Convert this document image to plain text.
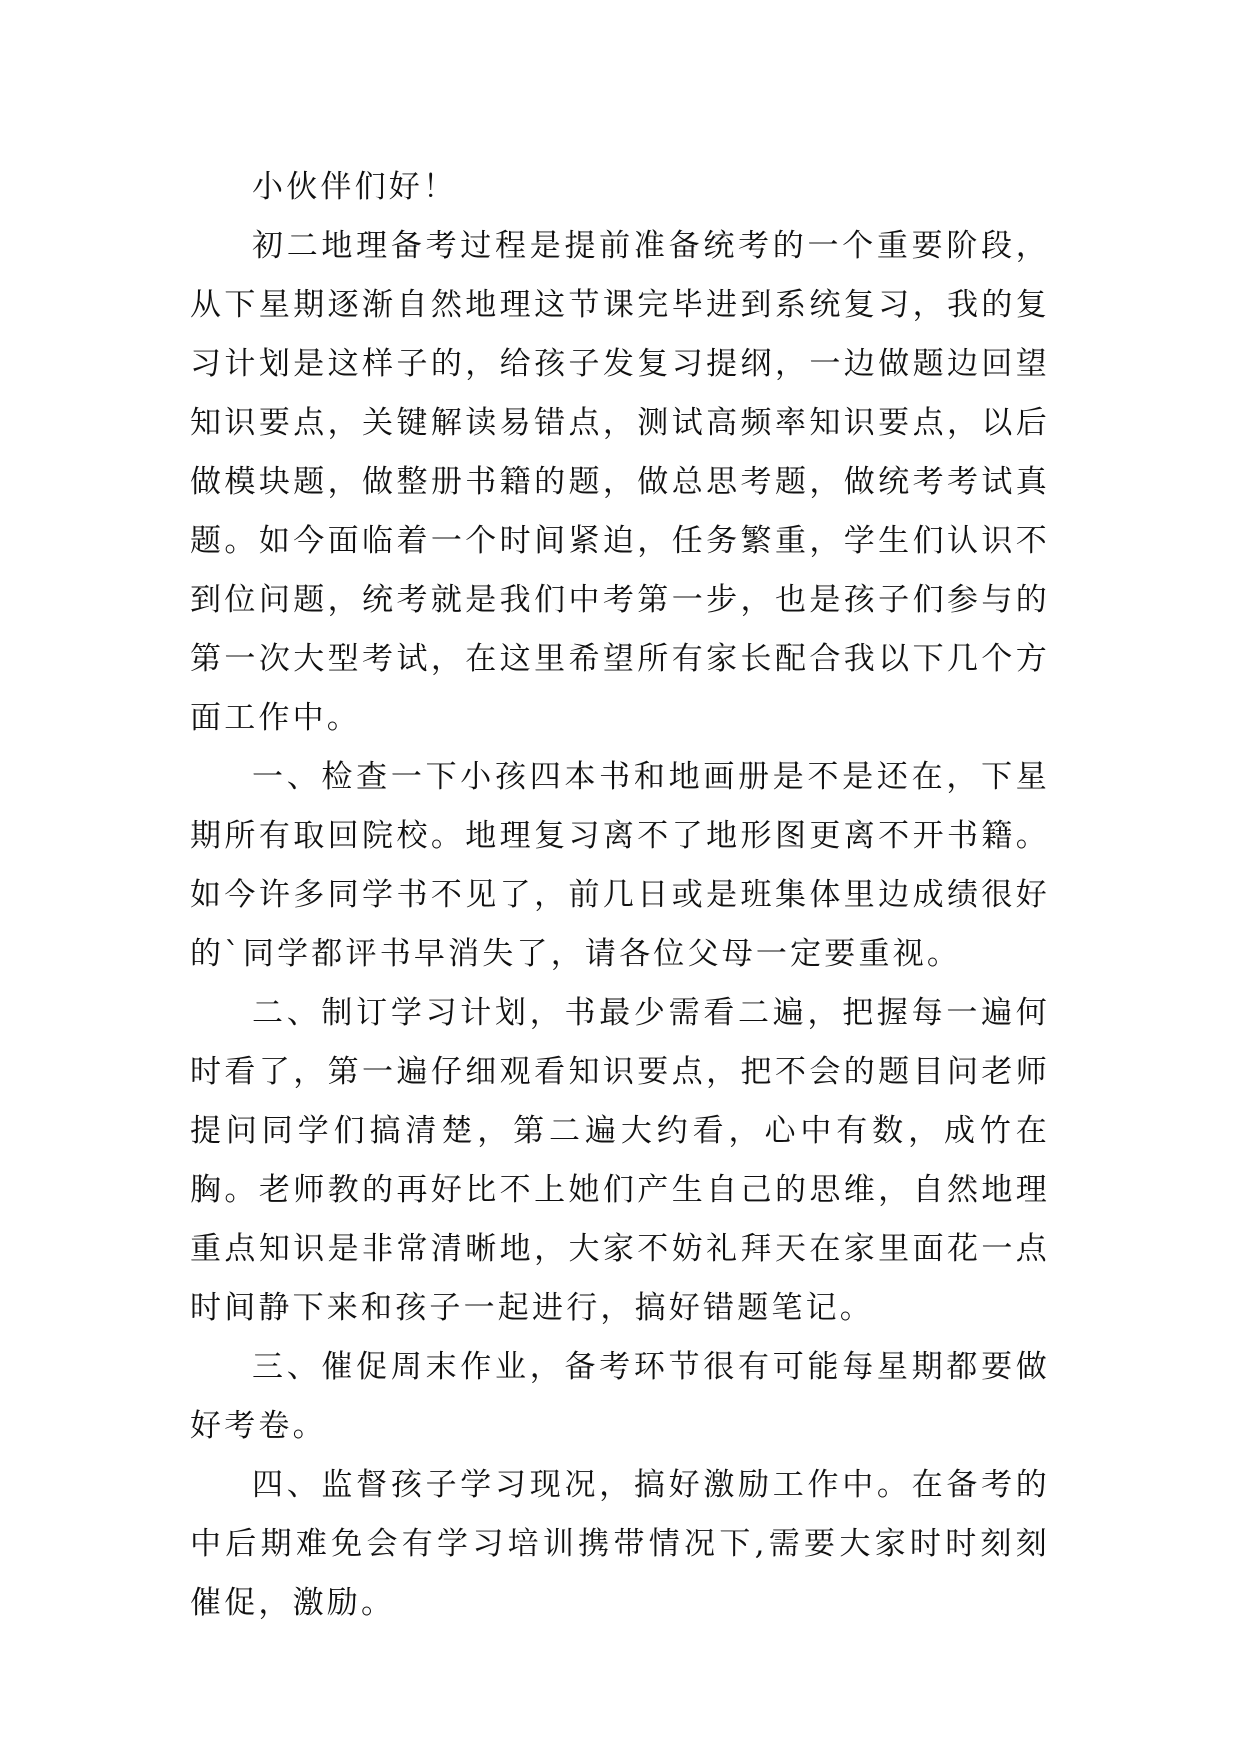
小伙伴们好！

初二地理备考过程是提前准备统考的一个重要阶段，从下星期逐渐自然地理这节课完毕进到系统复习，我的复习计划是这样子的，给孩子发复习提纲，一边做题边回望知识要点，关键解读易错点，测试高频率知识要点，以后做模块题，做整册书籍的题，做总思考题，做统考考试真题。如今面临着一个时间紧迫，任务繁重，学生们认识不到位问题，统考就是我们中考第一步，也是孩子们参与的第一次大型考试，在这里希望所有家长配合我以下几个方面工作中。

一、检查一下小孩四本书和地画册是不是还在，下星期所有取回院校。地理复习离不了地形图更离不开书籍。如今许多同学书不见了，前几日或是班集体里边成绩很好的`同学都评书早消失了，请各位父母一定要重视。

二、制订学习计划，书最少需看二遍，把握每一遍何时看了，第一遍仔细观看知识要点，把不会的题目问老师提问同学们搞清楚，第二遍大约看，心中有数，成竹在胸。老师教的再好比不上她们产生自己的思维，自然地理重点知识是非常清晰地，大家不妨礼拜天在家里面花一点时间静下来和孩子一起进行，搞好错题笔记。

三、催促周末作业，备考环节很有可能每星期都要做好考卷。

四、监督孩子学习现况，搞好激励工作中。在备考的中后期难免会有学习培训携带情况下,需要大家时时刻刻催促，激励。
